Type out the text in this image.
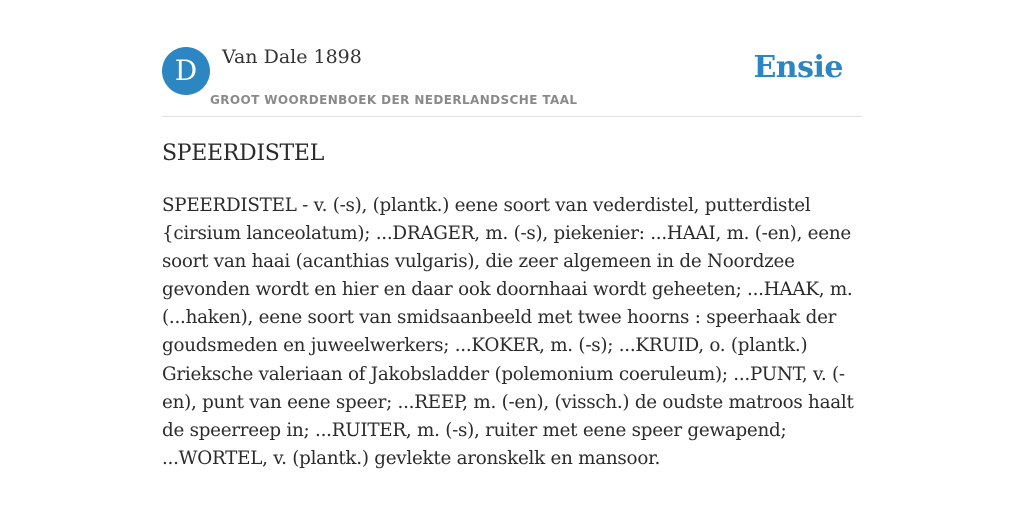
D	Van Dale 1898
GROOT WOORDENBOEK DER NEDERLANDSCHE TAAL
Ensie
SPEERDISTEL
SPEERDISTEL - v. (-s), (plantk.) eene soort van vederdistel, putterdistel {cirsium lanceolatum); ...DRAGER, m. (-s), piekenier: ...HAAI, m. (-en), eene soort van haai (acanthias vulgaris), die zeer algemeen in de Noordzee gevonden wordt en hier en daar ook doornhaai wordt geheeten; ...HAAK, m. (...haken), eene soort van smidsaanbeeld met twee hoorns : speerhaak der goudsmeden en juweelwerkers; ...KOKER, m. (-s); ...KRUID, o. (plantk.) Grieksche valeriaan of Jakobsladder (polemonium coeruleum); ...PUNT, v. (-en), punt van eene speer; ...REEP, m. (-en), (vissch.) de oudste matroos haalt de speerreep in; ...RUITER, m. (-s), ruiter met eene speer gewapend; ...WORTEL, v. (plantk.) gevlekte aronskelk en mansoor.
